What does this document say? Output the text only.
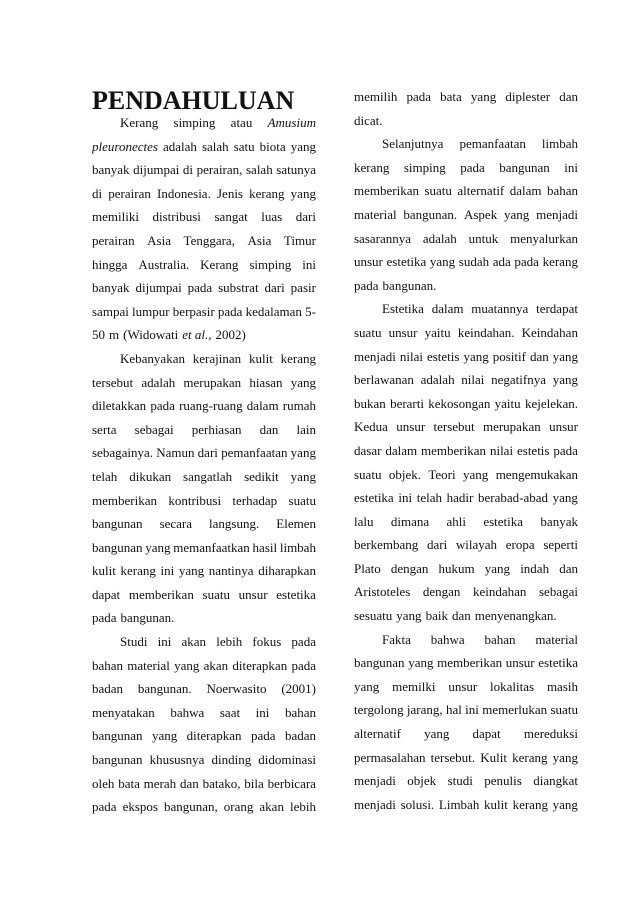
PENDAHULUAN
Kerang simping atau Amusium
pleuronectes adalah salah satu biota yang
banyak dijumpai di perairan, salah satunya
di perairan Indonesia. Jenis kerang yang
memiliki distribusi sangat luas dari
perairan Asia Tenggara, Asia Timur
hingga Australia. Kerang simping ini
banyak dijumpai pada substrat dari pasir
sampai lumpur berpasir pada kedalaman 5-
50 m (Widowati et al., 2002)
Kebanyakan kerajinan kulit kerang
tersebut adalah merupakan hiasan yang
diletakkan pada ruang-ruang dalam rumah
serta sebagai perhiasan dan lain
sebagainya. Namun dari pemanfaatan yang
telah dikukan sangatlah sedikit yang
memberikan kontribusi terhadap suatu
bangunan secara langsung. Elemen
bangunan yang memanfaatkan hasil limbah
kulit kerang ini yang nantinya diharapkan
dapat memberikan suatu unsur estetika
pada bangunan.
Studi ini akan lebih fokus pada
bahan material yang akan diterapkan pada
badan bangunan. Noerwasito (2001)
menyatakan bahwa saat ini bahan
bangunan yang diterapkan pada badan
bangunan khususnya dinding didominasi
oleh bata merah dan batako, bila berbicara
pada ekspos bangunan, orang akan lebih
memilih pada bata yang diplester dan
dicat.
Selanjutnya pemanfaatan limbah
kerang simping pada bangunan ini
memberikan suatu alternatif dalam bahan
material bangunan. Aspek yang menjadi
sasarannya adalah untuk menyalurkan
unsur estetika yang sudah ada pada kerang
pada bangunan.
Estetika dalam muatannya terdapat
suatu unsur yaitu keindahan. Keindahan
menjadi nilai estetis yang positif dan yang
berlawanan adalah nilai negatifnya yang
bukan berarti kekosongan yaitu kejelekan.
Kedua unsur tersebut merupakan unsur
dasar dalam memberikan nilai estetis pada
suatu objek. Teori yang mengemukakan
estetika ini telah hadir berabad-abad yang
lalu dimana ahli estetika banyak
berkembang dari wilayah eropa seperti
Plato dengan hukum yang indah dan
Aristoteles dengan keindahan sebagai
sesuatu yang baik dan menyenangkan.
Fakta bahwa bahan material
bangunan yang memberikan unsur estetika
yang memilki unsur lokalitas masih
tergolong jarang, hal ini memerlukan suatu
alternatif yang dapat mereduksi
permasalahan tersebut. Kulit kerang yang
menjadi objek studi penulis diangkat
menjadi solusi. Limbah kulit kerang yang
